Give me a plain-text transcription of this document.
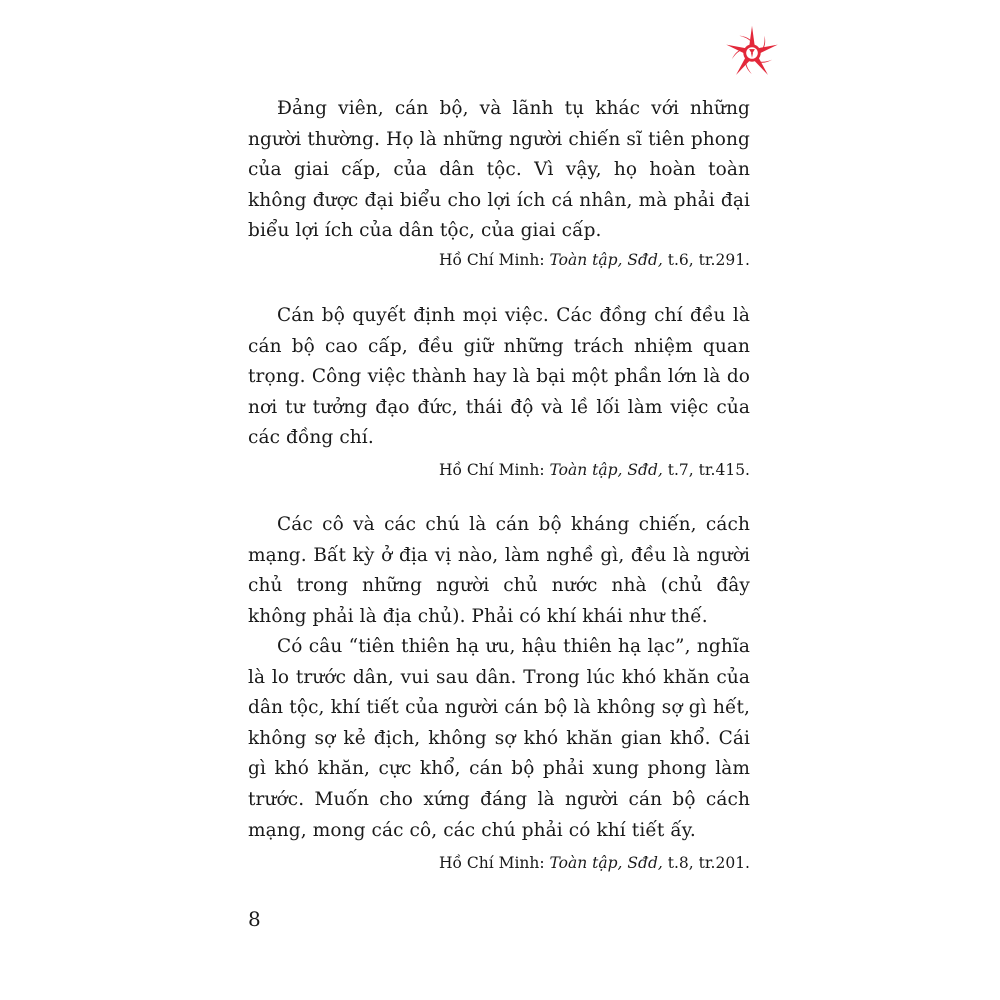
Đảng viên, cán bộ, và lãnh tụ khác với những người thường. Họ là những người chiến sĩ tiên phong của giai cấp, của dân tộc. Vì vậy, họ hoàn toàn không được đại biểu cho lợi ích cá nhân, mà phải đại biểu lợi ích của dân tộc, của giai cấp.

Hồ Chí Minh: Toàn tập, Sđd, t.6, tr.291.

Cán bộ quyết định mọi việc. Các đồng chí đều là cán bộ cao cấp, đều giữ những trách nhiệm quan trọng. Công việc thành hay là bại một phần lớn là do nơi tư tưởng đạo đức, thái độ và lề lối làm việc của các đồng chí.

Hồ Chí Minh: Toàn tập, Sđd, t.7, tr.415.

Các cô và các chú là cán bộ kháng chiến, cách mạng. Bất kỳ ở địa vị nào, làm nghề gì, đều là người chủ trong những người chủ nước nhà (chủ đây không phải là địa chủ). Phải có khí khái như thế.

Có câu “tiên thiên hạ ưu, hậu thiên hạ lạc”, nghĩa là lo trước dân, vui sau dân. Trong lúc khó khăn của dân tộc, khí tiết của người cán bộ là không sợ gì hết, không sợ kẻ địch, không sợ khó khăn gian khổ. Cái gì khó khăn, cực khổ, cán bộ phải xung phong làm trước. Muốn cho xứng đáng là người cán bộ cách mạng, mong các cô, các chú phải có khí tiết ấy.

Hồ Chí Minh: Toàn tập, Sđd, t.8, tr.201.

8
